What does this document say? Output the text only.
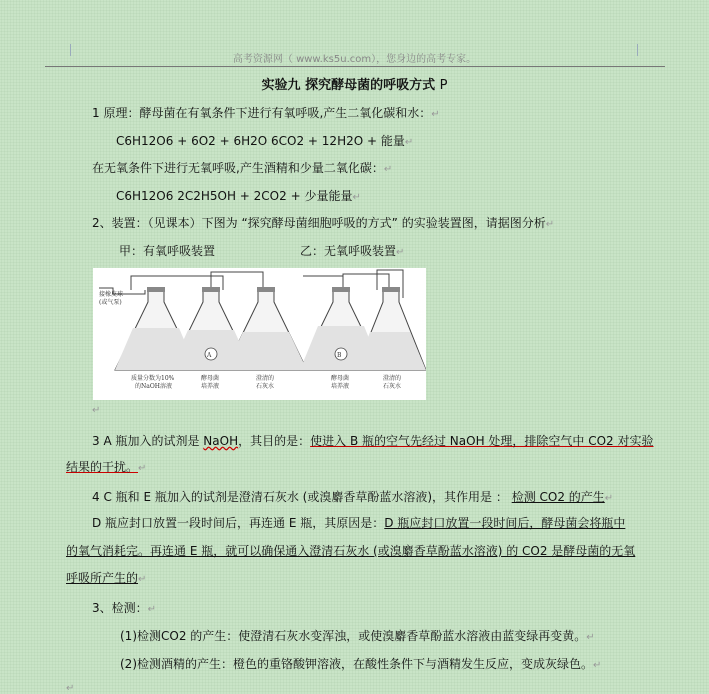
高考资源网（ www.ks5u.com），您身边的高考专家。
实验九 探究酵母菌的呼吸方式 P
1 原理：酵母菌在有氧条件下进行有氧呼吸,产生二氧化碳和水：↵
C6H12O6 + 6O2 + 6H2O 6CO2 + 12H2O + 能量↵
在无氧条件下进行无氧呼吸,产生酒精和少量二氧化碳：↵
C6H12O6 2C2H5OH + 2CO2 + 少量能量↵
2、装置：（见课本）下图为 “探究酵母菌细胞呼吸的方式” 的实验装置图，请据图分析↵
甲：有氧呼吸装置	乙：无氧呼吸装置↵
A	B
接橡皮球
(或气泵)
质量分数为10%
的NaOH溶液
酵母菌
培养液
澄清的
石灰水
酵母菌
培养液
澄清的
石灰水
↵
3 A 瓶加入的试剂是 NaOH，其目的是：使进入 B 瓶的空气先经过 NaOH 处理，排除空气中 CO2 对实验
结果的干扰。↵
4 C 瓶和 E 瓶加入的试剂是澄清石灰水 (或溴麝香草酚蓝水溶液)，其作用是 ： 检测 CO2 的产生↵
D 瓶应封口放置一段时间后，再连通 E 瓶，其原因是：D 瓶应封口放置一段时间后，酵母菌会将瓶中
的氧气消耗完。再连通 E 瓶，就可以确保通入澄清石灰水 (或溴麝香草酚蓝水溶液) 的 CO2 是酵母菌的无氧
呼吸所产生的↵
3、检测：↵
(1)检测CO2 的产生：使澄清石灰水变浑浊，或使溴麝香草酚蓝水溶液由蓝变绿再变黄。↵
(2)检测酒精的产生：橙色的重铬酸钾溶液，在酸性条件下与酒精发生反应，变成灰绿色。↵
↵
